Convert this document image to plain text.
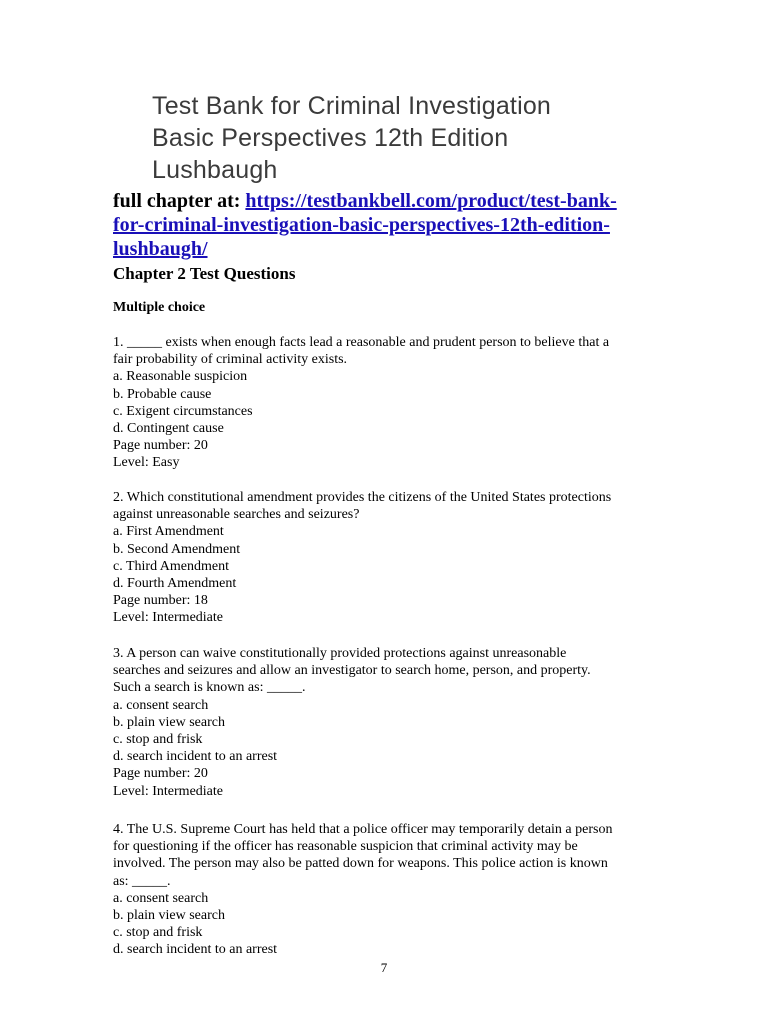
Test Bank for Criminal Investigation
Basic Perspectives 12th Edition
Lushbaugh
full chapter at: https://testbankbell.com/product/test-bank-
for-criminal-investigation-basic-perspectives-12th-edition-
lushbaugh/
Chapter 2 Test Questions
Multiple choice
1. _____ exists when enough facts lead a reasonable and prudent person to believe that a
fair probability of criminal activity exists.
a. Reasonable suspicion
b. Probable cause
c. Exigent circumstances
d. Contingent cause
Page number: 20
Level: Easy
2. Which constitutional amendment provides the citizens of the United States protections
against unreasonable searches and seizures?
a. First Amendment
b. Second Amendment
c. Third Amendment
d. Fourth Amendment
Page number: 18
Level: Intermediate
3. A person can waive constitutionally provided protections against unreasonable
searches and seizures and allow an investigator to search home, person, and property.
Such a search is known as: _____.
a. consent search
b. plain view search
c. stop and frisk
d. search incident to an arrest
Page number: 20
Level: Intermediate
4. The U.S. Supreme Court has held that a police officer may temporarily detain a person
for questioning if the officer has reasonable suspicion that criminal activity may be
involved. The person may also be patted down for weapons. This police action is known
as: _____.
a. consent search
b. plain view search
c. stop and frisk
d. search incident to an arrest
7
